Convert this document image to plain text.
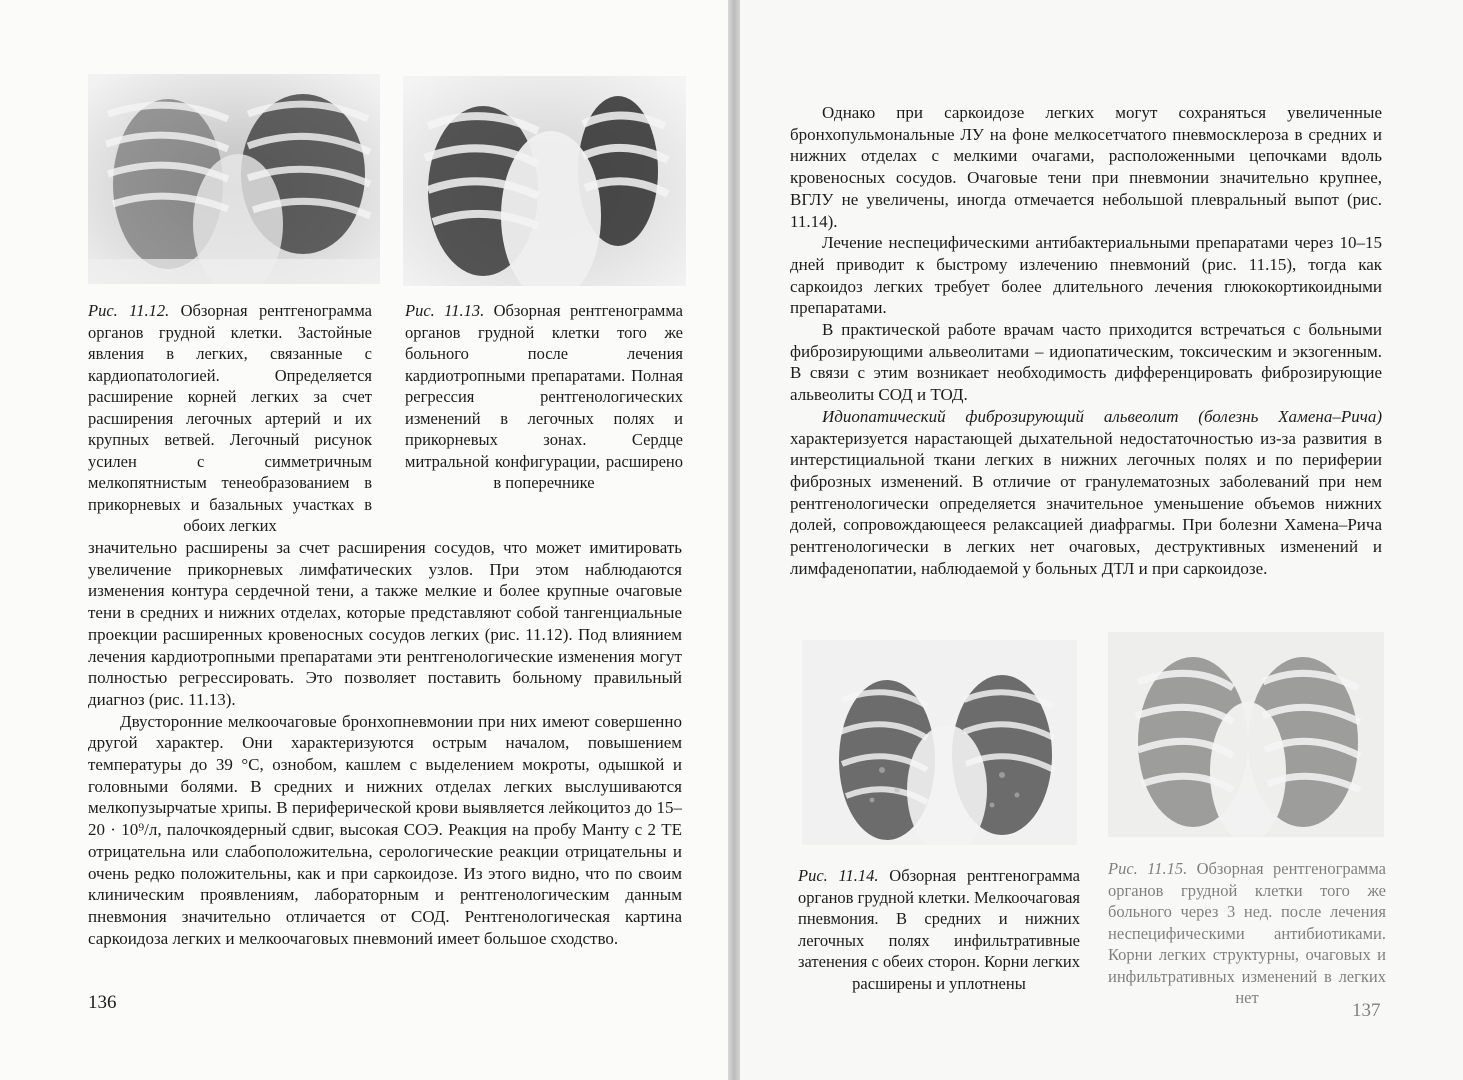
Рис. 11.12. Обзорная рентгенограмма органов грудной клетки. Застойные явления в легких, связанные с кардиопатологией. Определяется расширение корней легких за счет расширения легочных артерий и их крупных ветвей. Легочный рисунок усилен с симметричным мелкопятнистым тенеобразованием в прикорневых и базальных участках в обоих легких

Рис. 11.13. Обзорная рентгенограмма органов грудной клетки того же больного после лечения кардиотропными препаратами. Полная регрессия рентгенологических изменений в легочных полях и прикорневых зонах. Сердце митральной конфигурации, расширено в поперечнике

значительно расширены за счет расширения сосудов, что может имитировать увеличение прикорневых лимфатических узлов. При этом наблюдаются изменения контура сердечной тени, а также мелкие и более крупные очаговые тени в средних и нижних отделах, которые представляют собой тангенциальные проекции расширенных кровеносных сосудов легких (рис. 11.12). Под влиянием лечения кардиотропными препаратами эти рентгенологические изменения могут полностью регрессировать. Это позволяет поставить больному правильный диагноз (рис. 11.13).

Двусторонние мелкоочаговые бронхопневмонии при них имеют совершенно другой характер. Они характеризуются острым началом, повышением температуры до 39 °С, ознобом, кашлем с выделением мокроты, одышкой и головными болями. В средних и нижних отделах легких выслушиваются мелкопузырчатые хрипы. В периферической крови выявляется лейкоцитоз до 15–20 · 10⁹/л, палочкоядерный сдвиг, высокая СОЭ. Реакция на пробу Манту с 2 ТЕ отрицательна или слабоположительна, серологические реакции отрицательны и очень редко положительны, как и при саркоидозе. Из этого видно, что по своим клиническим проявлениям, лабораторным и рентгенологическим данным пневмония значительно отличается от СОД. Рентгенологическая картина саркоидоза легких и мелкоочаговых пневмоний имеет большое сходство.

136

Однако при саркоидозе легких могут сохраняться увеличенные бронхопульмональные ЛУ на фоне мелкосетчатого пневмосклероза в средних и нижних отделах с мелкими очагами, расположенными цепочками вдоль кровеносных сосудов. Очаговые тени при пневмонии значительно крупнее, ВГЛУ не увеличены, иногда отмечается небольшой плевральный выпот (рис. 11.14).

Лечение неспецифическими антибактериальными препаратами через 10–15 дней приводит к быстрому излечению пневмоний (рис. 11.15), тогда как саркоидоз легких требует более длительного лечения глюкокортикоидными препаратами.

В практической работе врачам часто приходится встречаться с больными фиброзирующими альвеолитами – идиопатическим, токсическим и экзогенным. В связи с этим возникает необходимость дифференцировать фиброзирующие альвеолиты СОД и ТОД.

Идиопатический фиброзирующий альвеолит (болезнь Хамена–Рича) характеризуется нарастающей дыхательной недостаточностью из-за развития в интерстициальной ткани легких в нижних легочных полях и по периферии фиброзных изменений. В отличие от гранулематозных заболеваний при нем рентгенологически определяется значительное уменьшение объемов нижних долей, сопровождающееся релаксацией диафрагмы. При болезни Хамена–Рича рентгенологически в легких нет очаговых, деструктивных изменений и лимфаденопатии, наблюдаемой у больных ДТЛ и при саркоидозе.

Рис. 11.14. Обзорная рентгенограмма органов грудной клетки. Мелкоочаговая пневмония. В средних и нижних легочных полях инфильтративные затенения с обеих сторон. Корни легких расширены и уплотнены

Рис. 11.15. Обзорная рентгенограмма органов грудной клетки того же больного через 3 нед. после лечения неспецифическими антибиотиками. Корни легких структурны, очаговых и инфильтративных изменений в легких нет

137
